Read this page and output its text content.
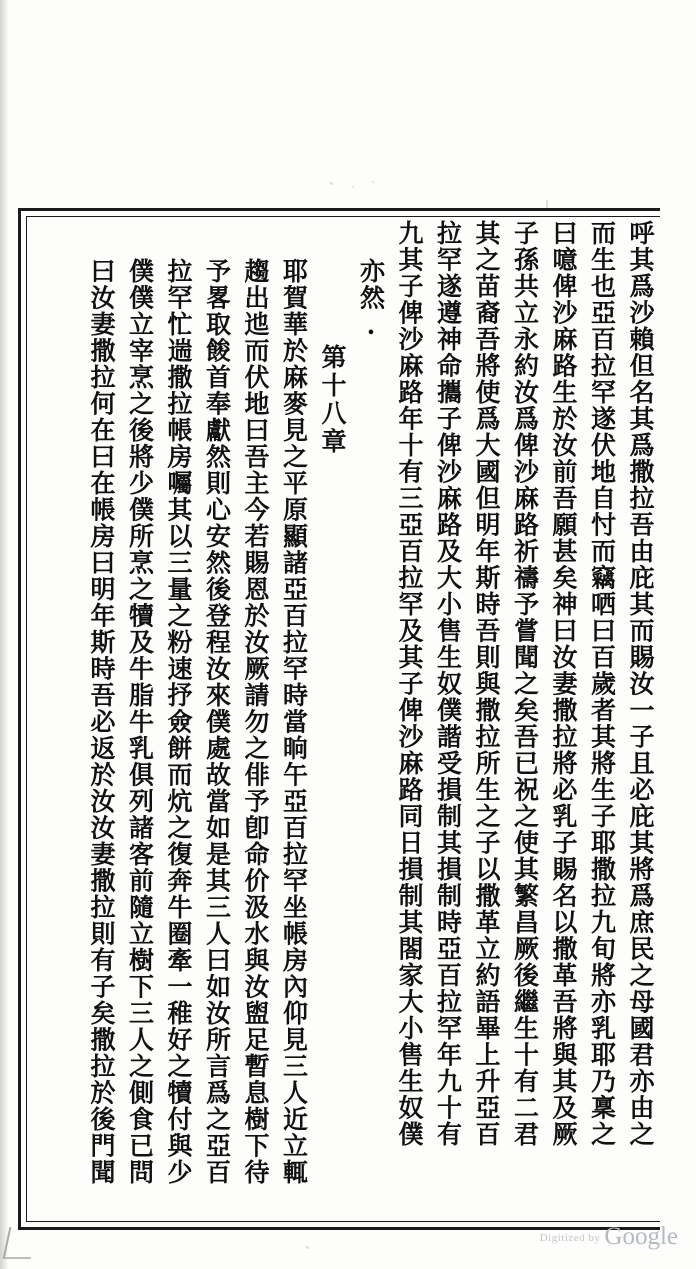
呼其爲沙賴但名其爲撒拉吾由庇其而賜汝一子且必庇其將爲庶民之母國君亦由之
而生也亞百拉罕遂伏地自忖而竊哂曰百歲者其將生子耶撒拉九旬將亦乳耶乃稟之
曰噫俾沙麻路生於汝前吾願甚矣神曰汝妻撒拉將必乳子賜名以撒革吾將與其及厥
子孫共立永約汝爲俾沙麻路祈禱予嘗聞之矣吾已祝之使其繁昌厥後繼生十有二君
其之苗裔吾將使爲大國但明年斯時吾則與撒拉所生之子以撒革立約語畢上升亞百
拉罕遂遵神命攜子俾沙麻路及大小售生奴僕諧受損制其損制時亞百拉罕年九十有
九其子俾沙麻路年十有三亞百拉罕及其子俾沙麻路同日損制其閤家大小售生奴僕
亦然.
第十八章
耶賀華於麻麥見之平原顯諸亞百拉罕時當晌午亞百拉罕坐帳房內仰見三人近立輒
趨出迆而伏地曰吾主今若賜恩於汝厥請勿之俳予卽命价汲水與汝盥足暫息樹下待
予畧取餕首奉獻然則心安然後登程汝來僕處故當如是其三人曰如汝所言爲之亞百
拉罕忙遄撒拉帳房囑其以三量之粉速抒僉餅而炕之復奔牛圈牽一稚好之犢付與少
僕僕立宰烹之後將少僕所烹之犢及牛脂牛乳俱列諸客前隨立樹下三人之側食已問
曰汝妻撒拉何在曰在帳房曰明年斯時吾必返於汝汝妻撒拉則有子矣撒拉於後門聞
Digitized by Google
